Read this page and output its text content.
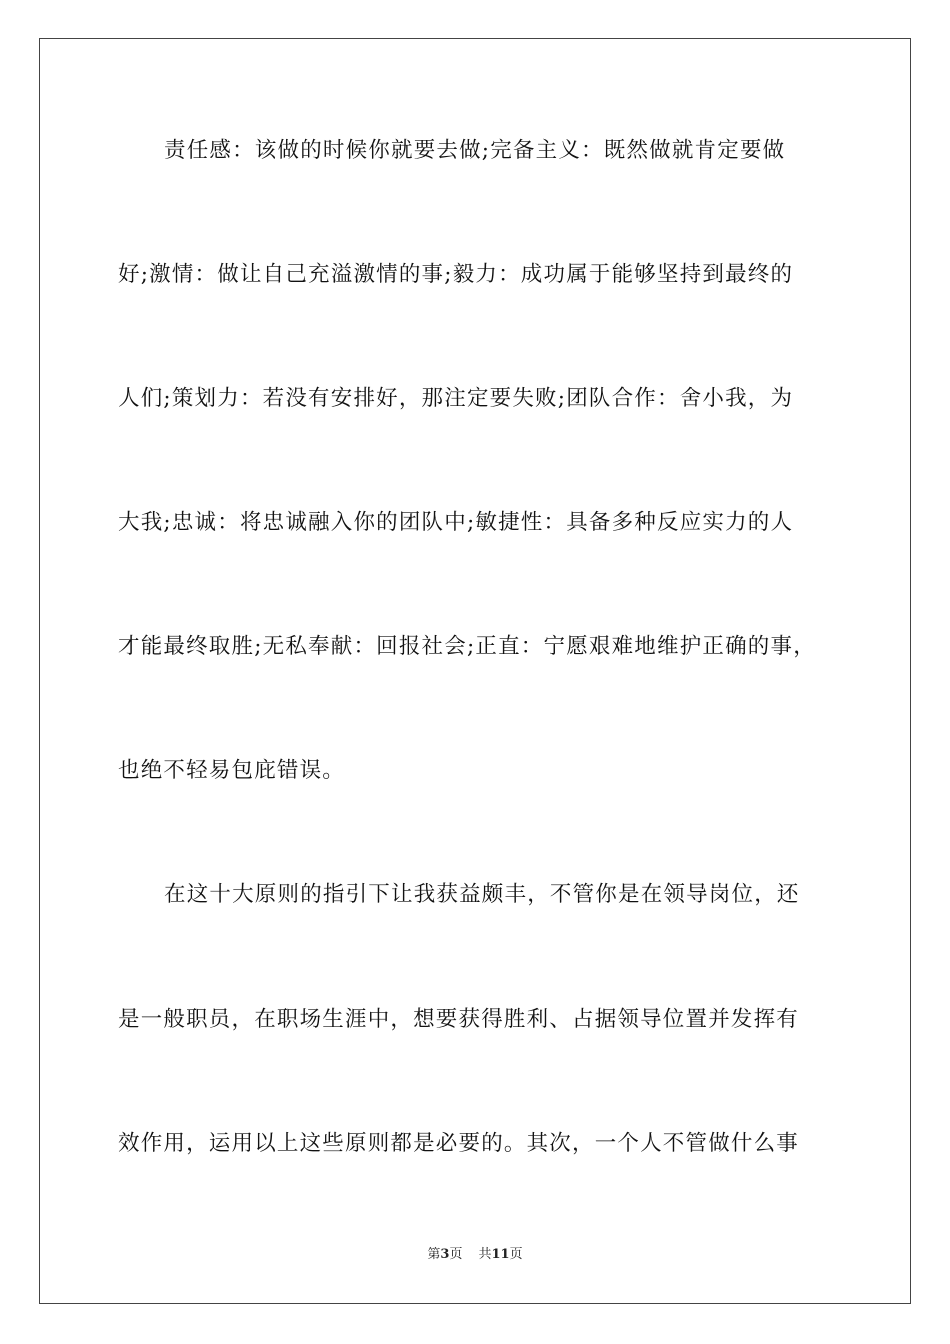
责任感：该做的时候你就要去做;完备主义：既然做就肯定要做
好;激情：做让自己充溢激情的事;毅力：成功属于能够坚持到最终的
人们;策划力：若没有安排好，那注定要失败;团队合作：舍小我，为
大我;忠诚：将忠诚融入你的团队中;敏捷性：具备多种反应实力的人
才能最终取胜;无私奉献：回报社会;正直：宁愿艰难地维护正确的事，
也绝不轻易包庇错误。
在这十大原则的指引下让我获益颇丰，不管你是在领导岗位，还
是一般职员，在职场生涯中，想要获得胜利、占据领导位置并发挥有
效作用，运用以上这些原则都是必要的。其次，一个人不管做什么事
第3页 共11页
